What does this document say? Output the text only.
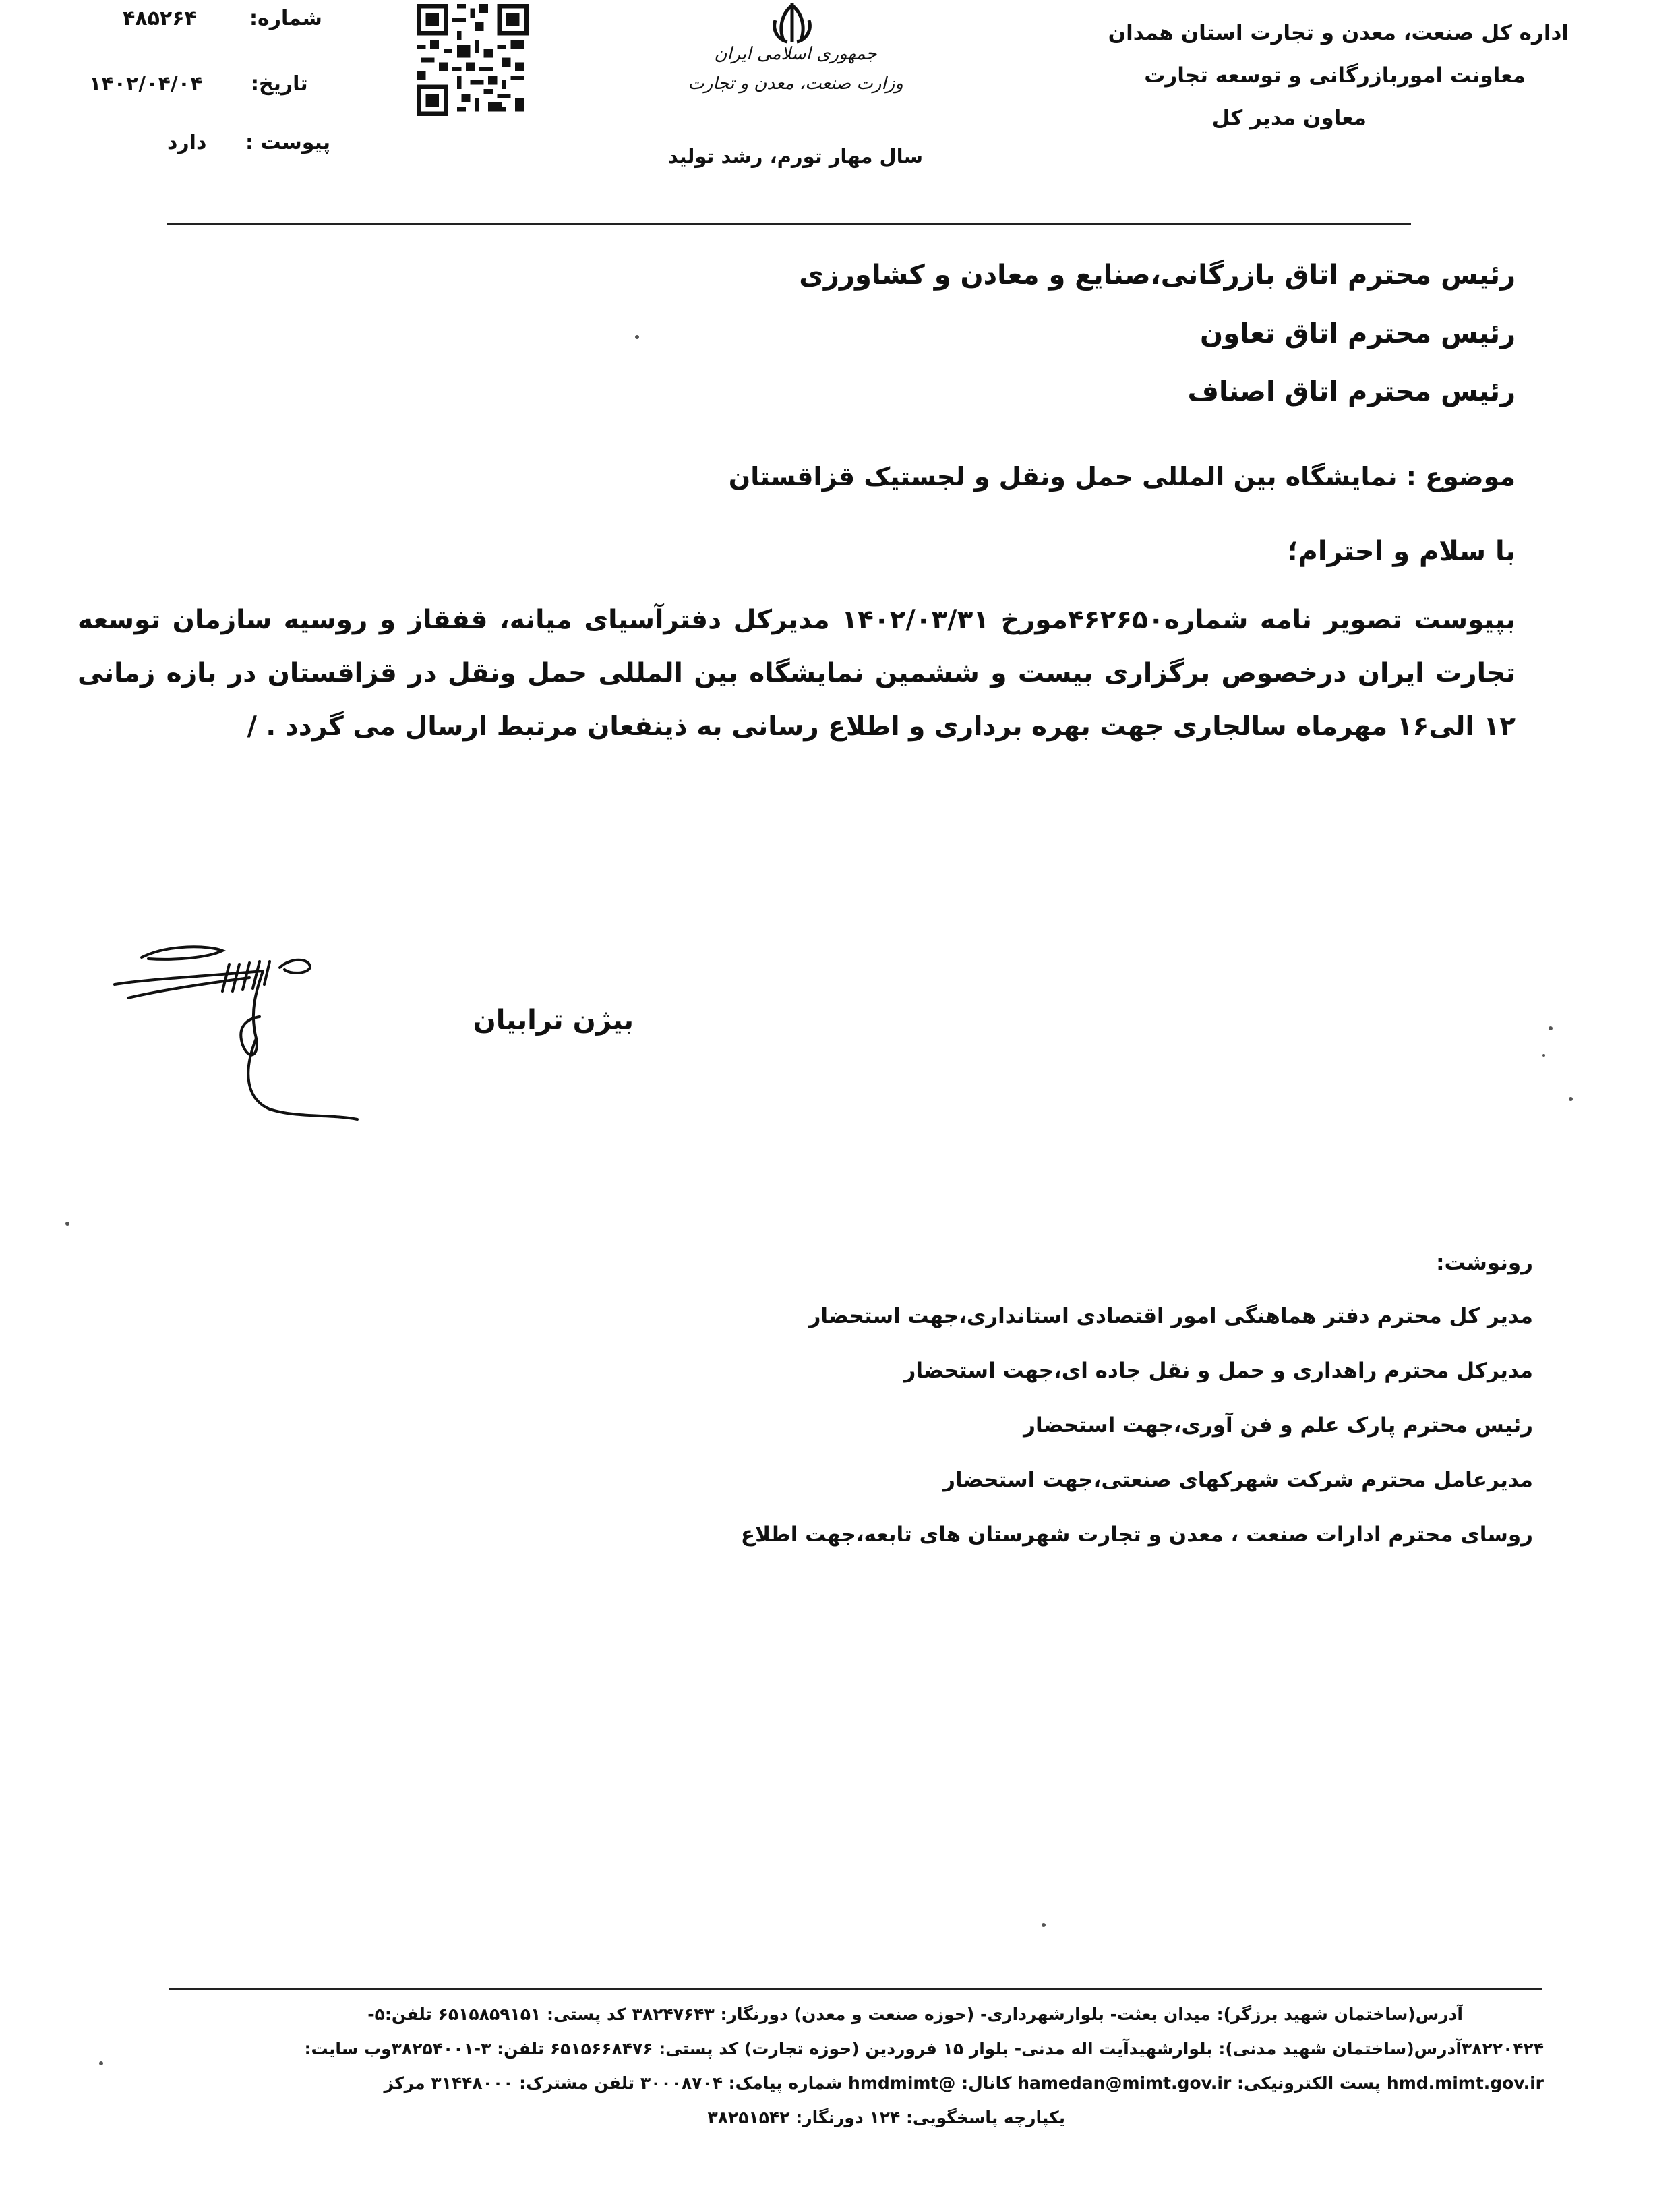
اداره کل صنعت، معدن و تجارت استان همدان
معاونت اموربازرگانی و توسعه تجارت
معاون مدیر کل
جمهوری اسلامی ایران
وزارت صنعت، معدن و تجارت
سال مهار تورم، رشد تولید
۴۸۵۲۶۴	شماره:
۱۴۰۲/۰۴/۰۴ تاریخ:
دارد پیوست :
رئیس محترم اتاق بازرگانی،صنایع و معادن و کشاورزی
رئیس محترم اتاق تعاون
رئیس محترم اتاق اصناف
موضوع : نمایشگاه بین المللی حمل ونقل و لجستیک قزاقستان
با سلام و احترام؛
بپیوست تصویر نامه شماره۴۶۲۶۵۰مورخ ۱۴۰۲/۰۳/۳۱ مدیرکل دفترآسیای میانه، قفقاز و روسیه سازمان توسعه تجارت ایران درخصوص برگزاری بیست و ششمین نمایشگاه بین المللی حمل ونقل در قزاقستان در بازه زمانی ۱۲ الی۱۶ مهرماه سالجاری جهت بهره برداری و اطلاع رسانی به ذینفعان مرتبط ارسال می گردد . /
بیژن ترابیان
رونوشت:
مدیر کل محترم دفتر هماهنگی امور اقتصادی استانداری،جهت استحضار
مدیرکل محترم راهداری و حمل و نقل جاده ای،جهت استحضار
رئیس محترم پارک علم و فن آوری،جهت استحضار
مدیرعامل محترم شرکت شهرکهای صنعتی،جهت استحضار
روسای محترم ادارات صنعت ، معدن و تجارت شهرستان های تابعه،جهت اطلاع
آدرس(ساختمان شهید برزگر): میدان بعثت- بلوارشهرداری- (حوزه صنعت و معدن) دورنگار: ۳۸۲۴۷۶۴۳ کد پستی: ۶۵۱۵۸۵۹۱۵۱ تلفن:۵-
۳۸۲۲۰۴۲۴آدرس(ساختمان شهید مدنی): بلوارشهیدآیت اله مدنی- بلوار ۱۵ فروردین (حوزه تجارت) کد پستی: ۶۵۱۵۶۶۸۴۷۶ تلفن: ۳-۳۸۲۵۴۰۰۱وب سایت:
hmd.mimt.gov.ir پست الکترونیکی: hamedan@mimt.gov.ir کانال: @hmdmimt شماره پیامک: ۳۰۰۰۸۷۰۴ تلفن مشترک: ۳۱۴۴۸۰۰۰ مرکز
یکپارچه پاسخگویی: ۱۲۴ دورنگار: ۳۸۲۵۱۵۴۲
